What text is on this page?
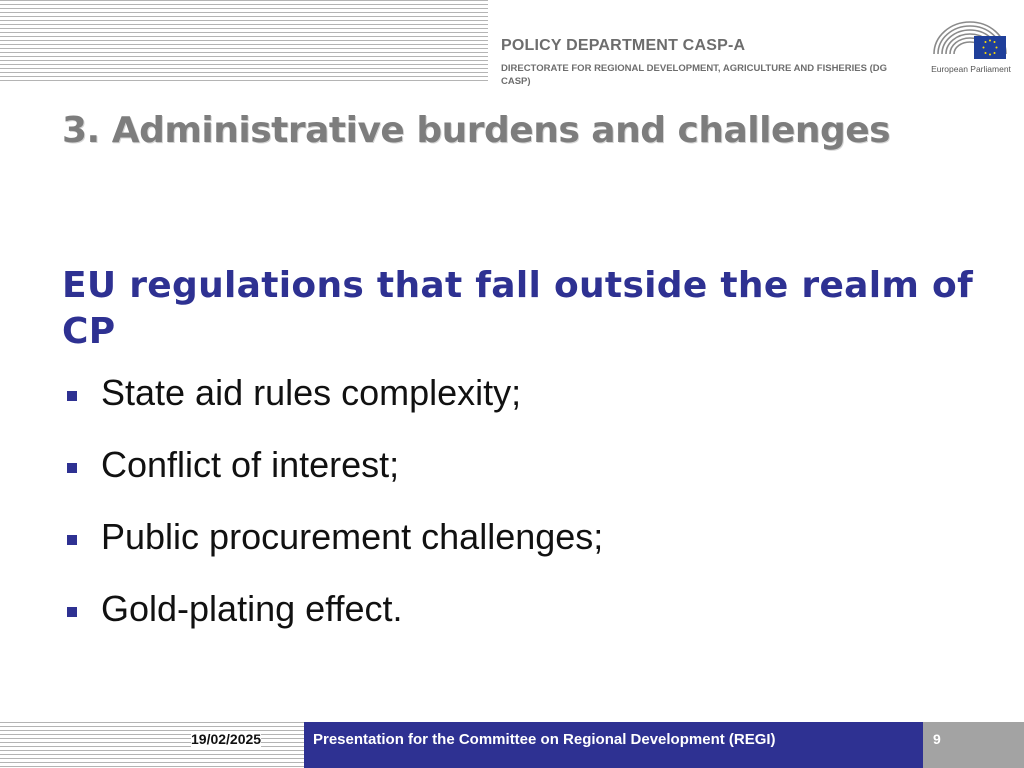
POLICY DEPARTMENT CASP-A
DIRECTORATE FOR REGIONAL DEVELOPMENT, AGRICULTURE AND FISHERIES (DG CASP)
European Parliament
3. Administrative burdens and challenges
EU regulations that fall outside the realm of CP
State aid rules complexity;
Conflict of interest;
Public procurement challenges;
Gold-plating effect.
19/02/2025	Presentation for the Committee on Regional Development (REGI)	9
